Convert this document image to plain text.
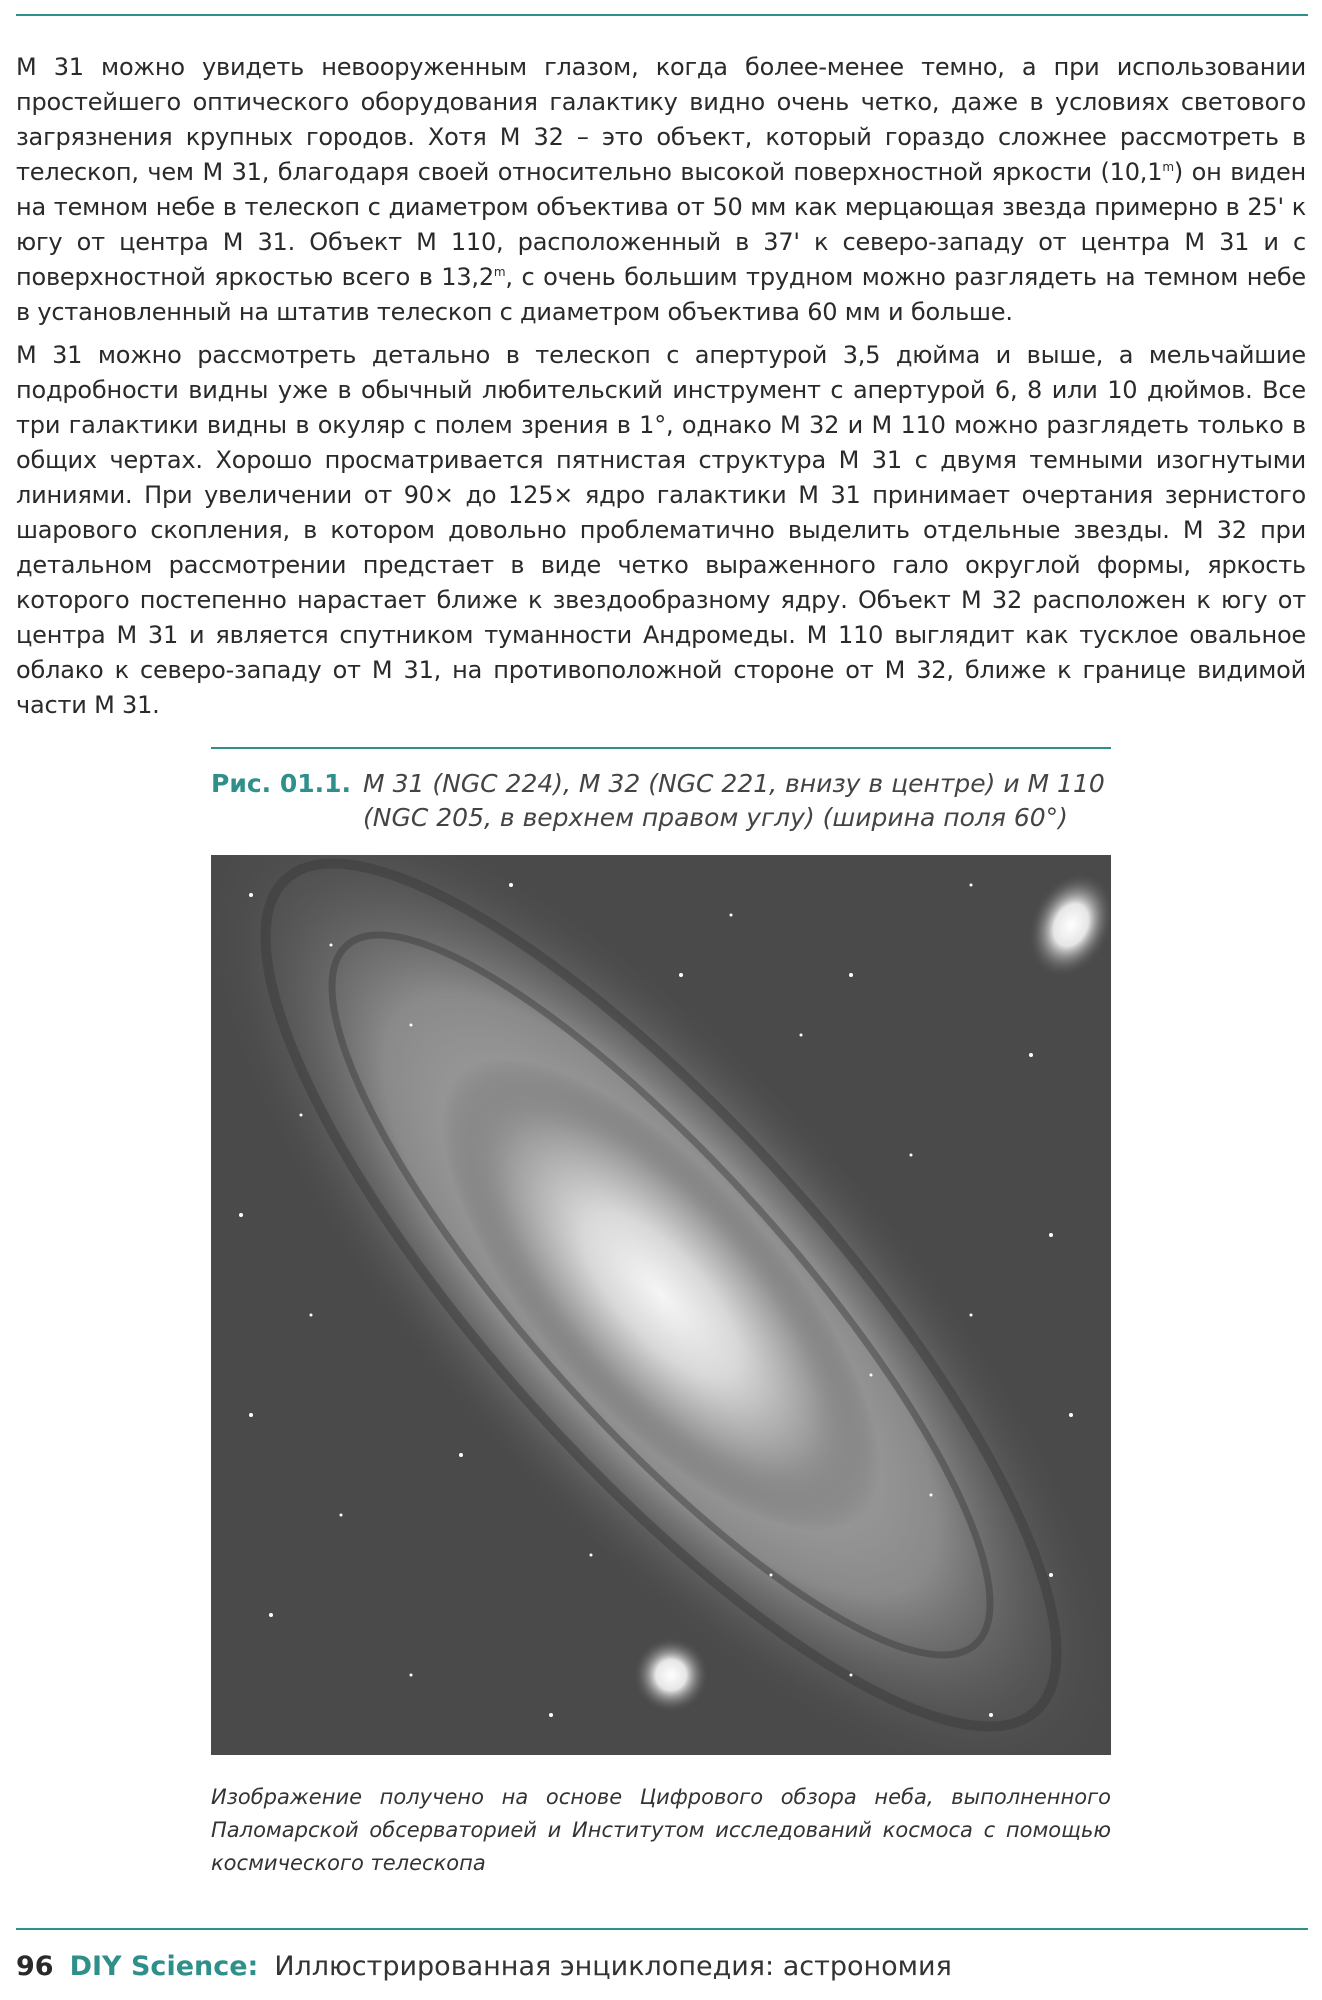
М 31 можно увидеть невооруженным глазом, когда более-менее темно, а при использовании простейшего оптического оборудования галактику видно очень четко, даже в условиях светового загрязнения крупных городов. Хотя М 32 – это объект, который гораздо сложнее рассмотреть в телескоп, чем М 31, благодаря своей относительно высокой поверхностной яркости (10,1$^m$) он виден на темном небе в телескоп с диаметром объектива от 50 мм как мерцающая звезда примерно в 25' к югу от центра М 31. Объект М 110, расположенный в 37' к северо-западу от центра М 31 и с поверхностной яркостью всего в 13,2$^m$, с очень большим трудном можно разглядеть на темном небе в установленный на штатив телескоп с диаметром объектива 60 мм и больше.

М 31 можно рассмотреть детально в телескоп с апертурой 3,5 дюйма и выше, а мельчайшие подробности видны уже в обычный любительский инструмент с апертурой 6, 8 или 10 дюймов. Все три галактики видны в окуляр с полем зрения в 1°, однако М 32 и М 110 можно разглядеть только в общих чертах. Хорошо просматривается пятнистая структура М 31 с двумя темными изогнутыми линиями. При увеличении от 90× до 125× ядро галактики М 31 принимает очертания зернистого шарового скопления, в котором довольно проблематично выделить отдельные звезды. М 32 при детальном рассмотрении предстает в виде четко выраженного гало округлой формы, яркость которого постепенно нарастает ближе к звездообразному ядру. Объект М 32 расположен к югу от центра М 31 и является спутником туманности Андромеды. М 110 выглядит как тусклое овальное облако к северо-западу от М 31, на противоположной стороне от М 32, ближе к границе видимой части М 31.

Рис. 01.1. M 31 (NGC 224), M 32 (NGC 221, внизу в центре) и M 110 (NGC 205, в верхнем правом углу) (ширина поля 60°)
Изображение получено на основе Цифрового обзора неба, выполненного Паломарской обсерваторией и Институтом исследований космоса с помощью космического телескопа
96 DIY Science: Иллюстрированная энциклопедия: астрономия
